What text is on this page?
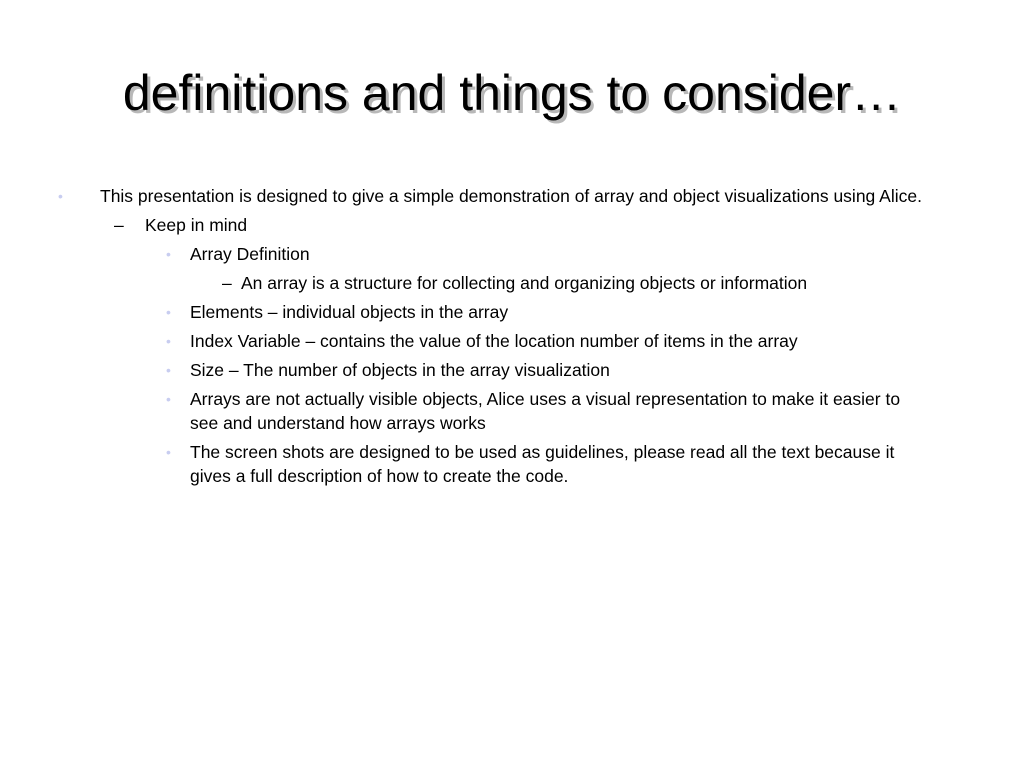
definitions and things to consider…
• This presentation is designed to give a simple demonstration of array and object visualizations using Alice.
– Keep in mind
• Array Definition
– An array is a structure for collecting and organizing objects or information
• Elements – individual objects in the array
• Index Variable – contains the value of the location number of items in the array
• Size – The number of objects in the array visualization
• Arrays are not actually visible objects, Alice uses a visual representation to make it easier to see and understand how arrays works
• The screen shots are designed to be used as guidelines, please read all the text because it gives a full description of how to create the code.
